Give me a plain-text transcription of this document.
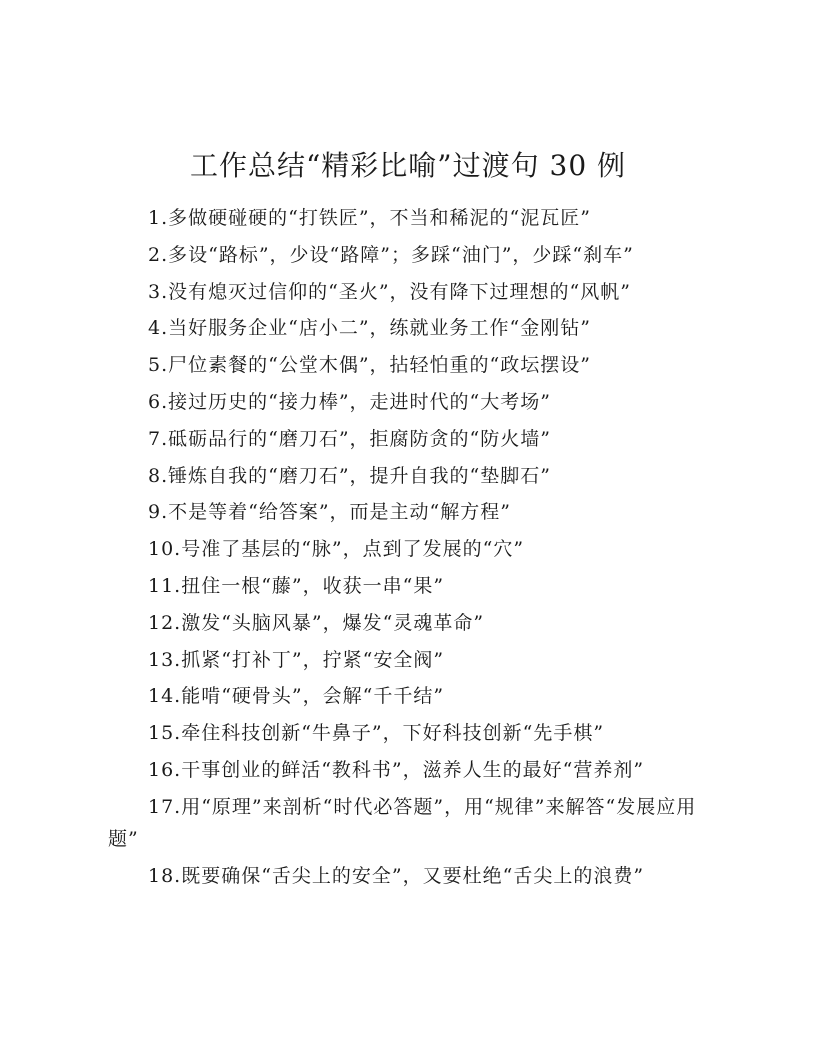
工作总结“精彩比喻”过渡句 30 例
1.多做硬碰硬的“打铁匠”，不当和稀泥的“泥瓦匠”
2.多设“路标”，少设“路障”；多踩“油门”，少踩“刹车”
3.没有熄灭过信仰的“圣火”，没有降下过理想的“风帆”
4.当好服务企业“店小二”，练就业务工作“金刚钻”
5.尸位素餐的“公堂木偶”，拈轻怕重的“政坛摆设”
6.接过历史的“接力棒”，走进时代的“大考场”
7.砥砺品行的“磨刀石”，拒腐防贪的“防火墙”
8.锤炼自我的“磨刀石”，提升自我的“垫脚石”
9.不是等着“给答案”，而是主动“解方程”
10.号准了基层的“脉”，点到了发展的“穴”
11.扭住一根“藤”，收获一串“果”
12.激发“头脑风暴”，爆发“灵魂革命”
13.抓紧“打补丁”，拧紧“安全阀”
14.能啃“硬骨头”，会解“千千结”
15.牵住科技创新“牛鼻子”，下好科技创新“先手棋”
16.干事创业的鲜活“教科书”，滋养人生的最好“营养剂”
17.用“原理”来剖析“时代必答题”，用“规律”来解答“发展应用题”
18.既要确保“舌尖上的安全”，又要杜绝“舌尖上的浪费”
